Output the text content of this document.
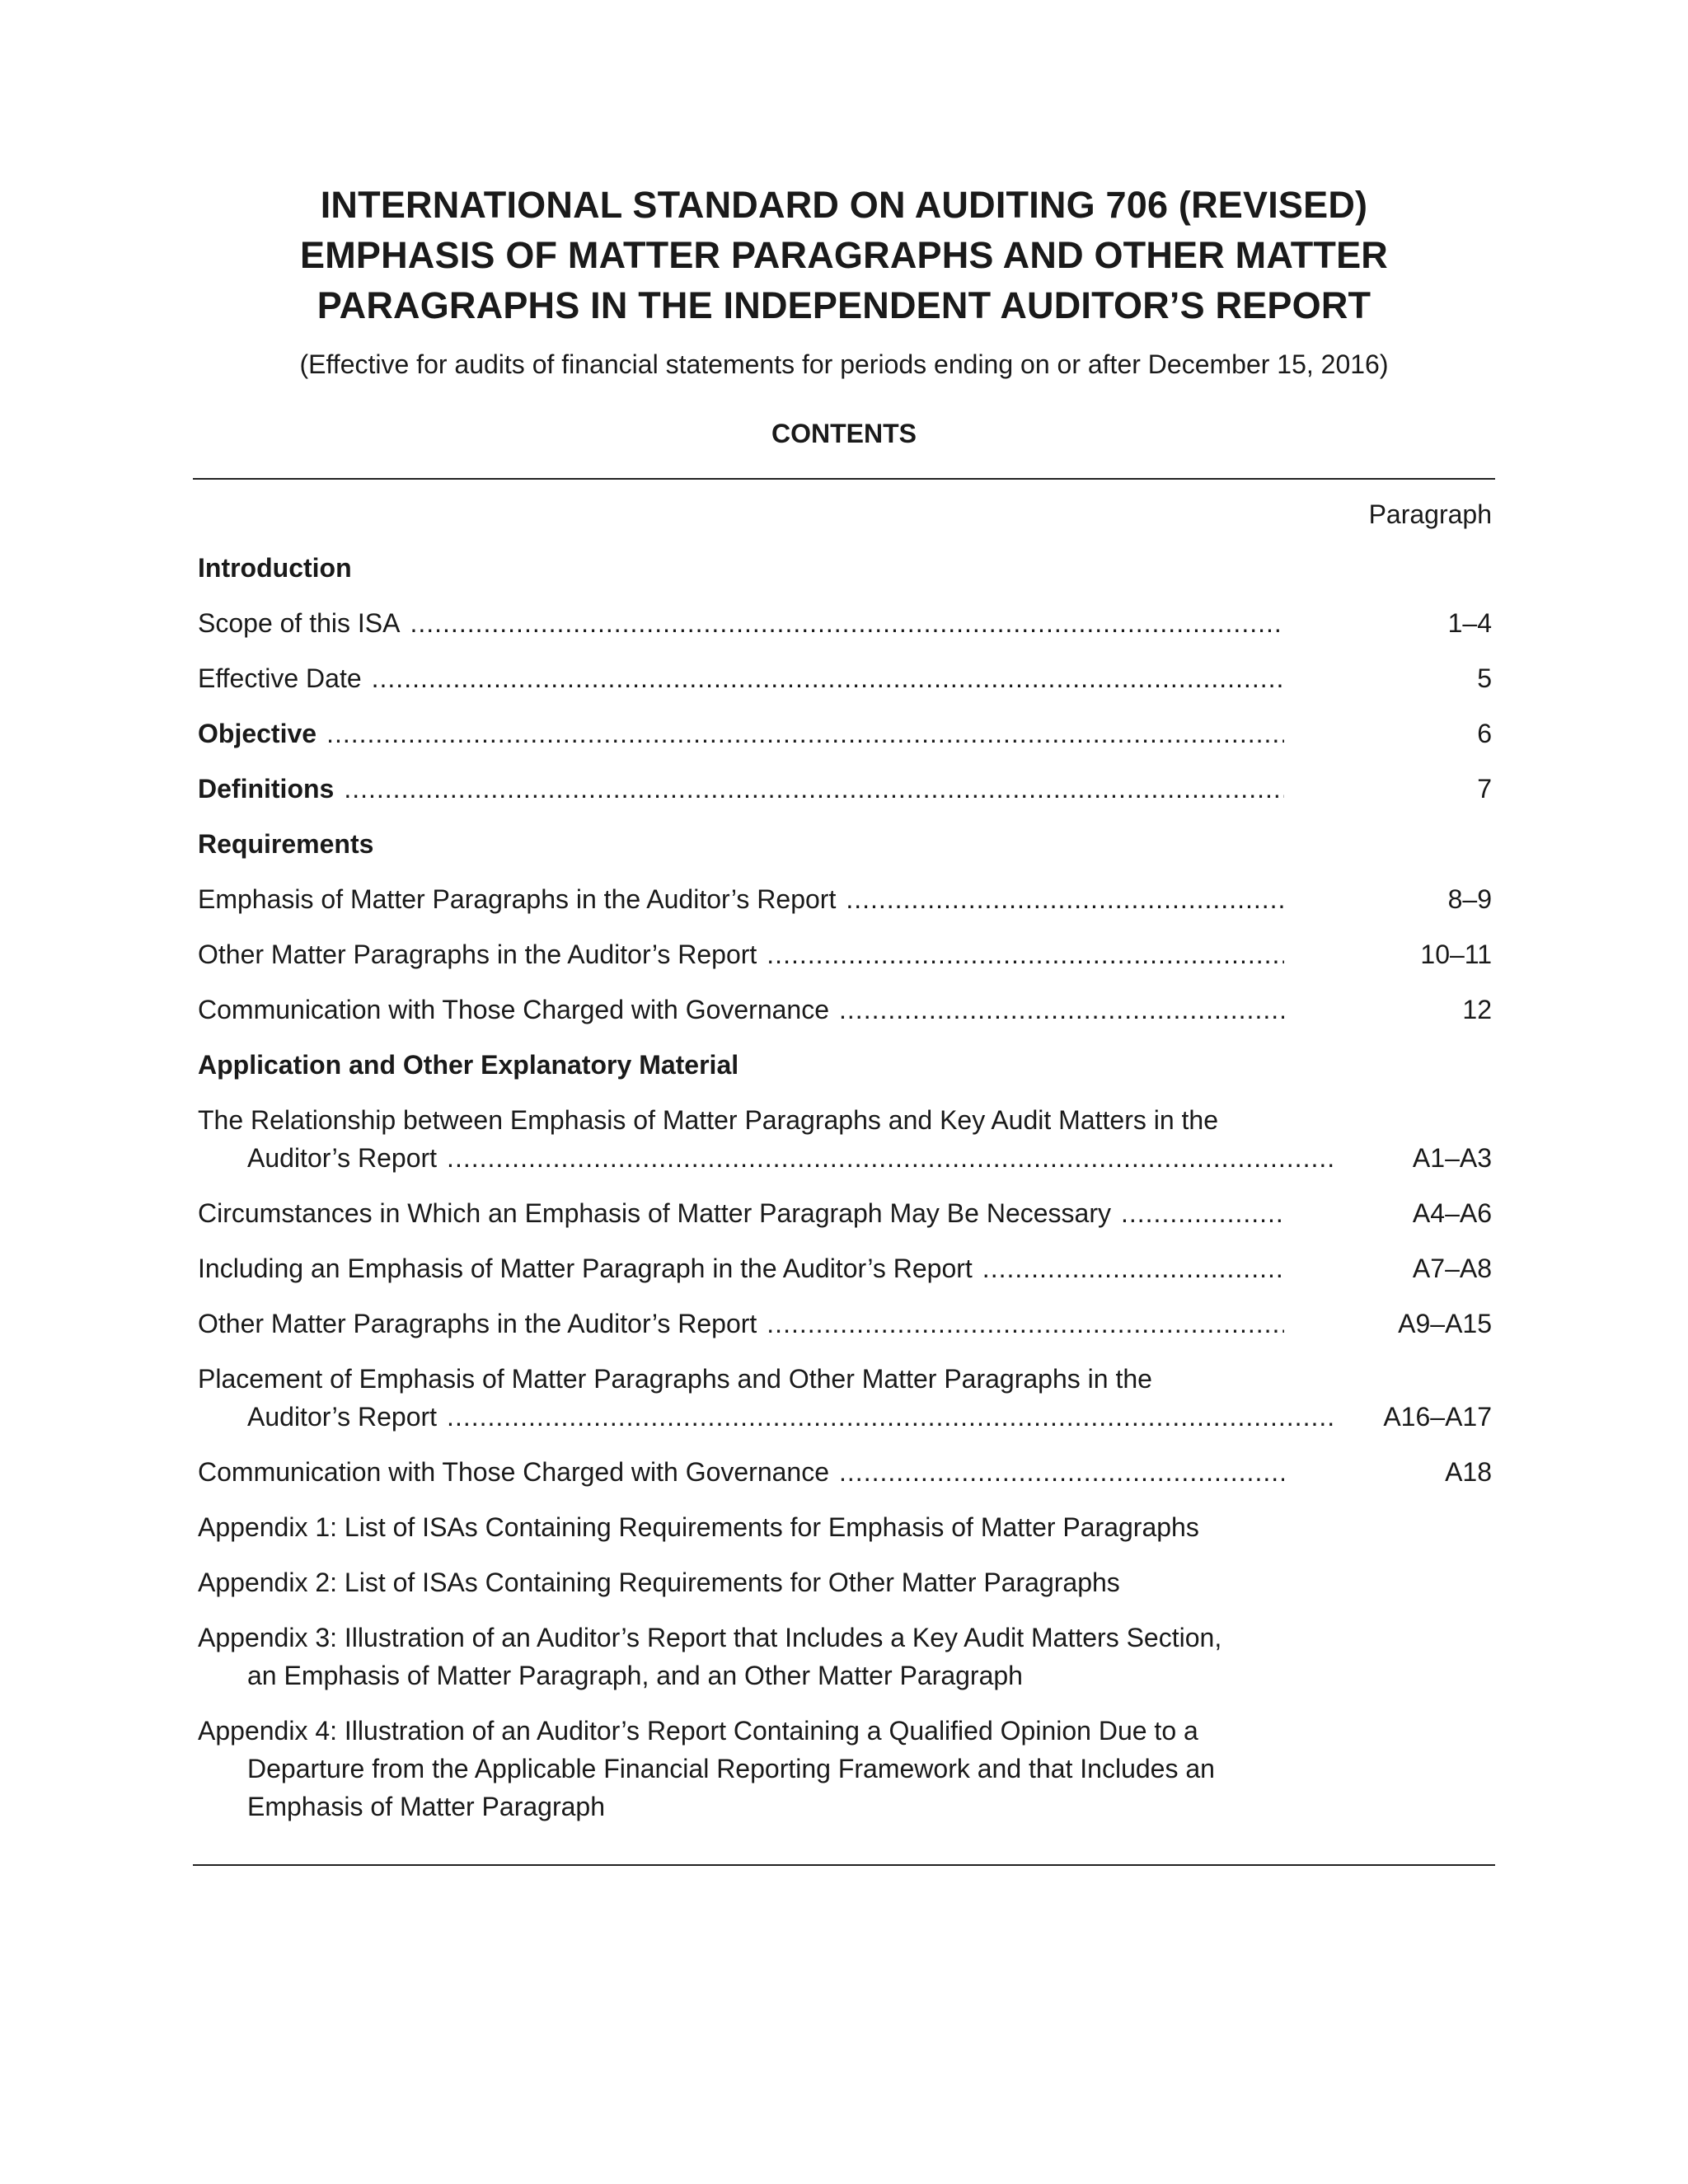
INTERNATIONAL STANDARD ON AUDITING 706 (REVISED)
EMPHASIS OF MATTER PARAGRAPHS AND OTHER MATTER
PARAGRAPHS IN THE INDEPENDENT AUDITOR’S REPORT
(Effective for audits of financial statements for periods ending on or after December 15, 2016)
CONTENTS
Paragraph
Introduction
Scope of this ISA .....	1–4
Effective Date .....	5
Objective .....	6
Definitions .....	7
Requirements
Emphasis of Matter Paragraphs in the Auditor’s Report .....	8–9
Other Matter Paragraphs in the Auditor’s Report .....	10–11
Communication with Those Charged with Governance .....	12
Application and Other Explanatory Material
The Relationship between Emphasis of Matter Paragraphs and Key Audit Matters in the
Auditor’s Report .....	A1–A3
Circumstances in Which an Emphasis of Matter Paragraph May Be Necessary .....	A4–A6
Including an Emphasis of Matter Paragraph in the Auditor’s Report .....	A7–A8
Other Matter Paragraphs in the Auditor’s Report .....	A9–A15
Placement of Emphasis of Matter Paragraphs and Other Matter Paragraphs in the
Auditor’s Report .....	A16–A17
Communication with Those Charged with Governance .....	A18
Appendix 1: List of ISAs Containing Requirements for Emphasis of Matter Paragraphs
Appendix 2: List of ISAs Containing Requirements for Other Matter Paragraphs
Appendix 3: Illustration of an Auditor’s Report that Includes a Key Audit Matters Section,
an Emphasis of Matter Paragraph, and an Other Matter Paragraph
Appendix 4: Illustration of an Auditor’s Report Containing a Qualified Opinion Due to a
Departure from the Applicable Financial Reporting Framework and that Includes an
Emphasis of Matter Paragraph
